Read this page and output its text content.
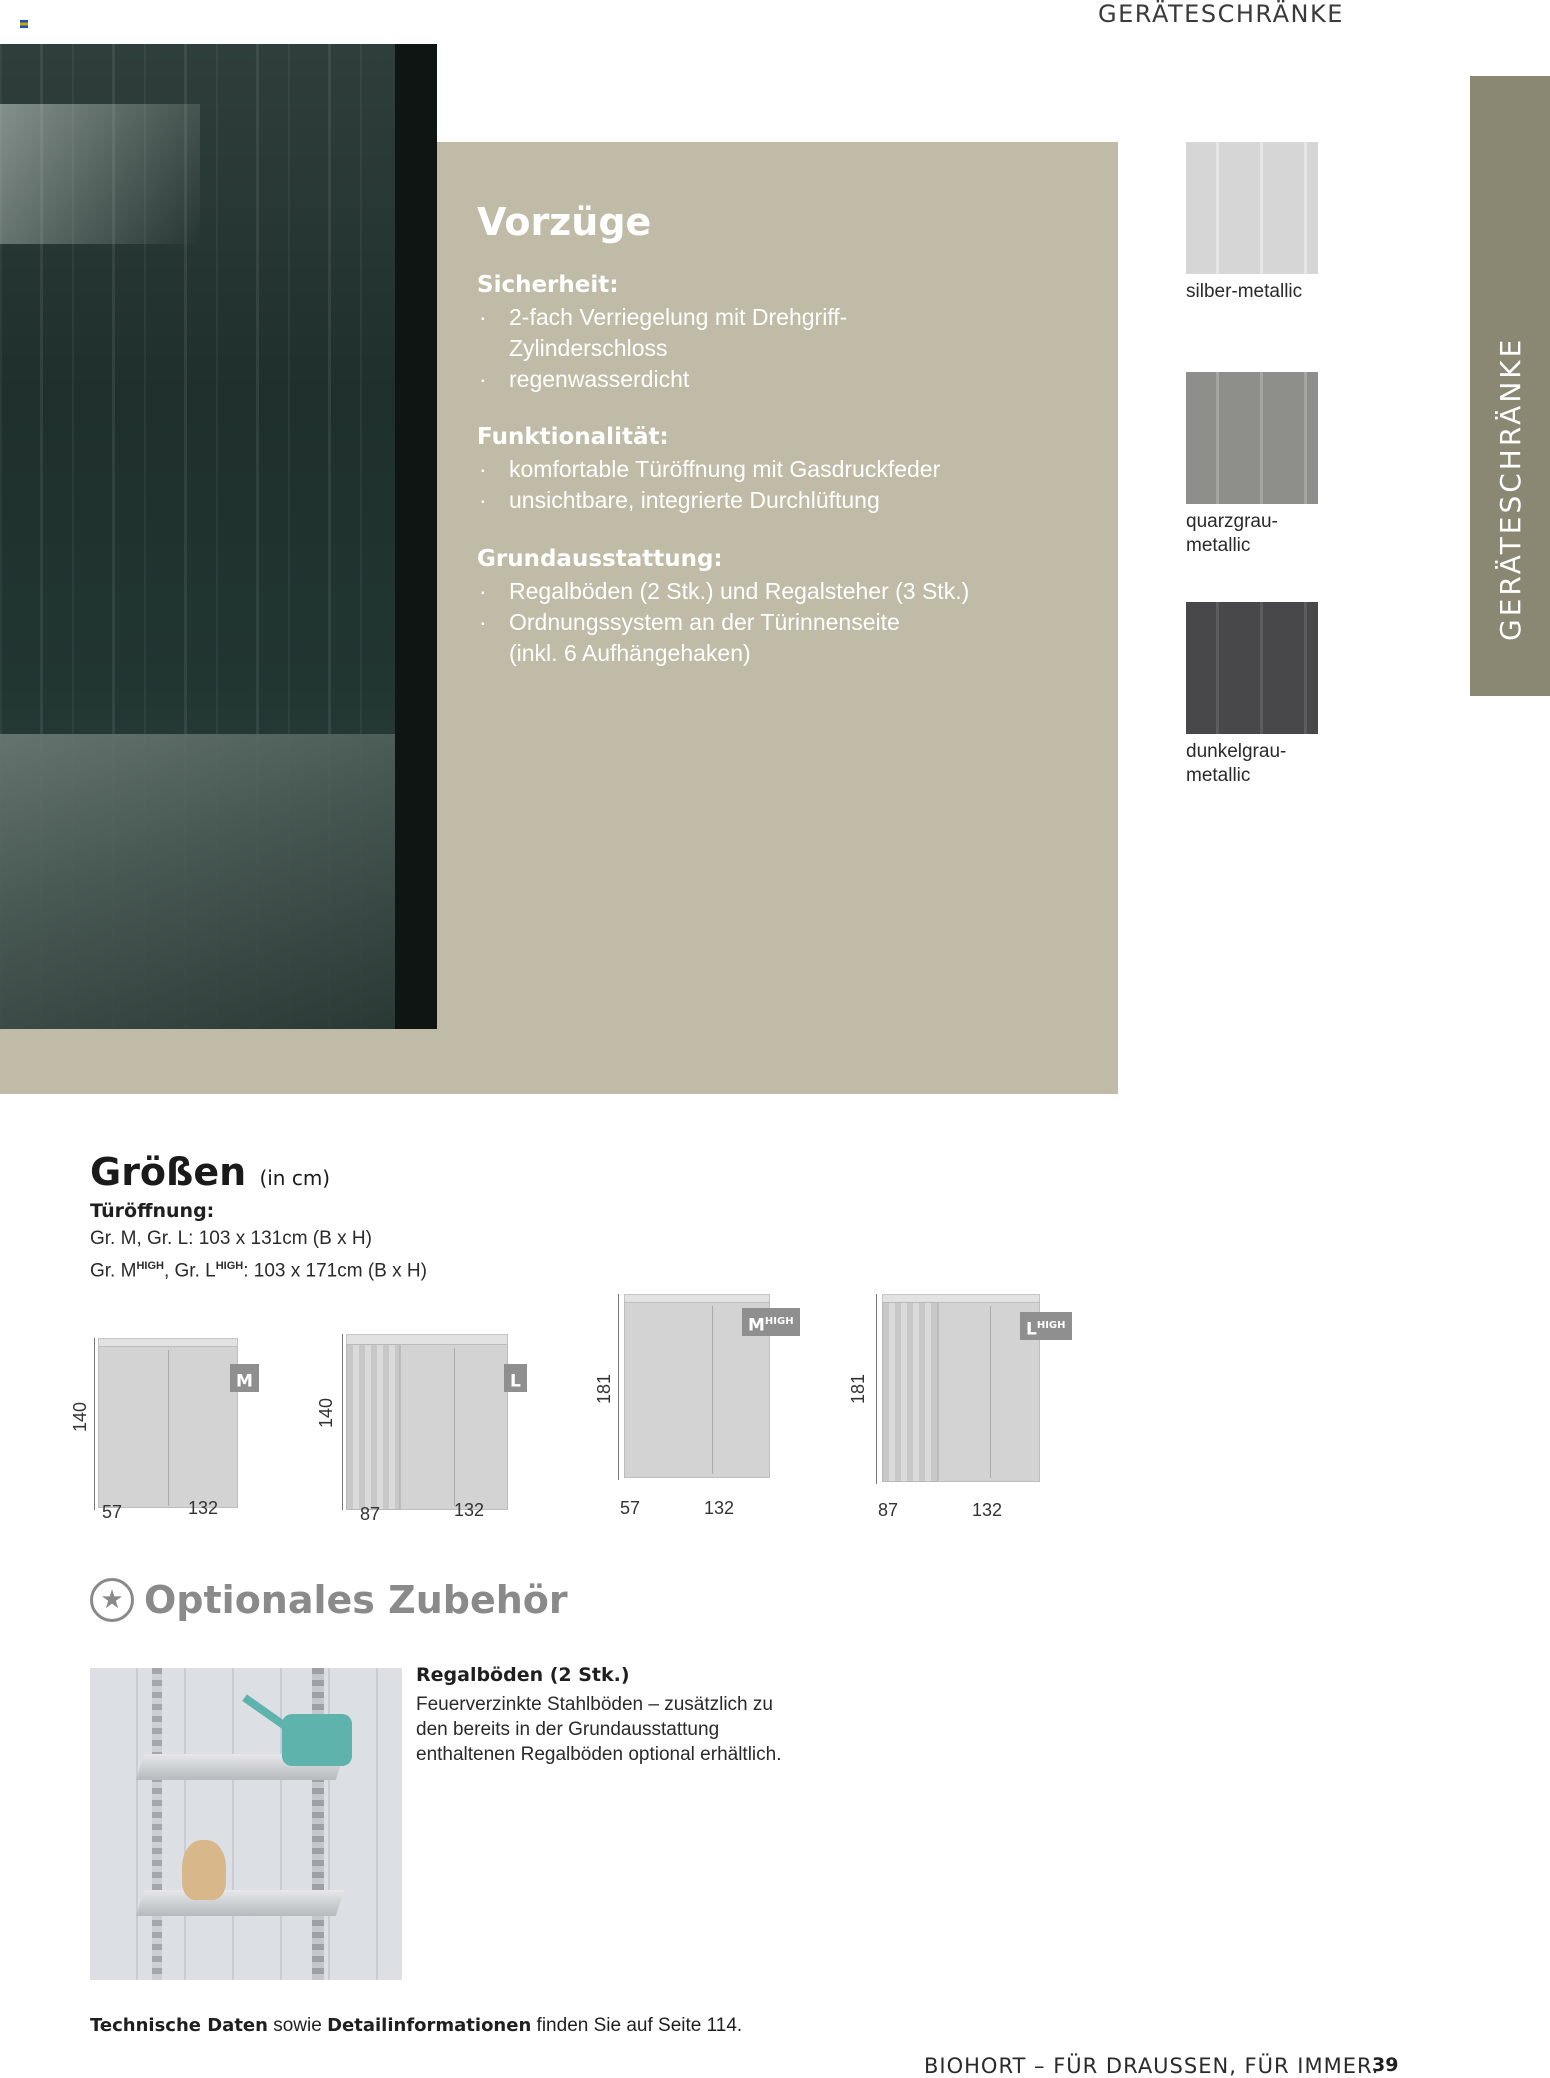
GERÄTESCHRÄNKE
GERÄTESCHRÄNKE
Vorzüge
Sicherheit:
· 2-fach Verriegelung mit Drehgriff-
Zylinderschloss
· regenwasserdicht
Funktionalität:
· komfortable Türöffnung mit Gasdruckfeder
· unsichtbare, integrierte Durchlüftung
Grundausstattung:
· Regalböden (2 Stk.) und Regalsteher (3 Stk.)
· Ordnungssystem an der Türinnenseite
(inkl. 6 Aufhängehaken)
silber-metallic
quarzgrau-
metallic
dunkelgrau-
metallic
Größen (in cm)
Türöffnung:
Gr. M, Gr. L: 103 x 131cm (B x H)
Gr. $M^{HIGH}$, Gr. $L^{HIGH}$: 103 x 171cm (B x H)
M
140
57	132
L
140
87	132
$M^{HIGH}$
181
57	132
$L^{HIGH}$
181
87	132
★ Optionales Zubehör
Regalböden (2 Stk.)
Feuerverzinkte Stahlböden – zusätzlich zu den bereits in der Grundausstattung enthaltenen Regalböden optional erhältlich.
Technische Daten sowie Detailinformationen finden Sie auf Seite 114.
BIOHORT – FÜR DRAUSSEN, FÜR IMMER.
39
